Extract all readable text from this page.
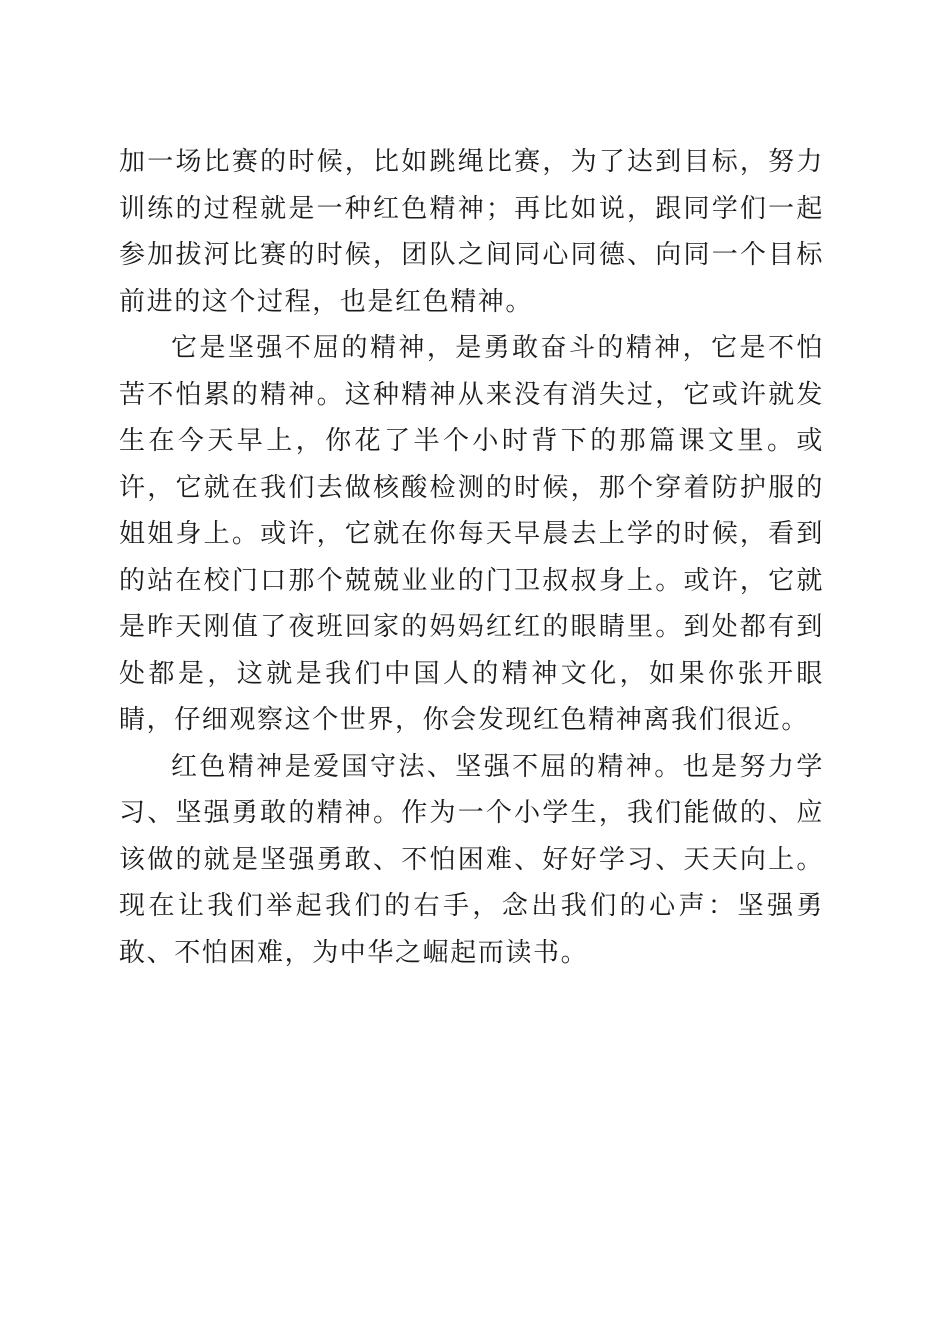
加一场比赛的时候，比如跳绳比赛，为了达到目标，努力训练的过程就是一种红色精神；再比如说，跟同学们一起参加拔河比赛的时候，团队之间同心同德、向同一个目标前进的这个过程，也是红色精神。

它是坚强不屈的精神，是勇敢奋斗的精神，它是不怕苦不怕累的精神。这种精神从来没有消失过，它或许就发生在今天早上，你花了半个小时背下的那篇课文里。或许，它就在我们去做核酸检测的时候，那个穿着防护服的姐姐身上。或许，它就在你每天早晨去上学的时候，看到的站在校门口那个兢兢业业的门卫叔叔身上。或许，它就是昨天刚值了夜班回家的妈妈红红的眼睛里。到处都有到处都是，这就是我们中国人的精神文化，如果你张开眼睛，仔细观察这个世界，你会发现红色精神离我们很近。

红色精神是爱国守法、坚强不屈的精神。也是努力学习、坚强勇敢的精神。作为一个小学生，我们能做的、应该做的就是坚强勇敢、不怕困难、好好学习、天天向上。现在让我们举起我们的右手，念出我们的心声：坚强勇敢、不怕困难，为中华之崛起而读书。
